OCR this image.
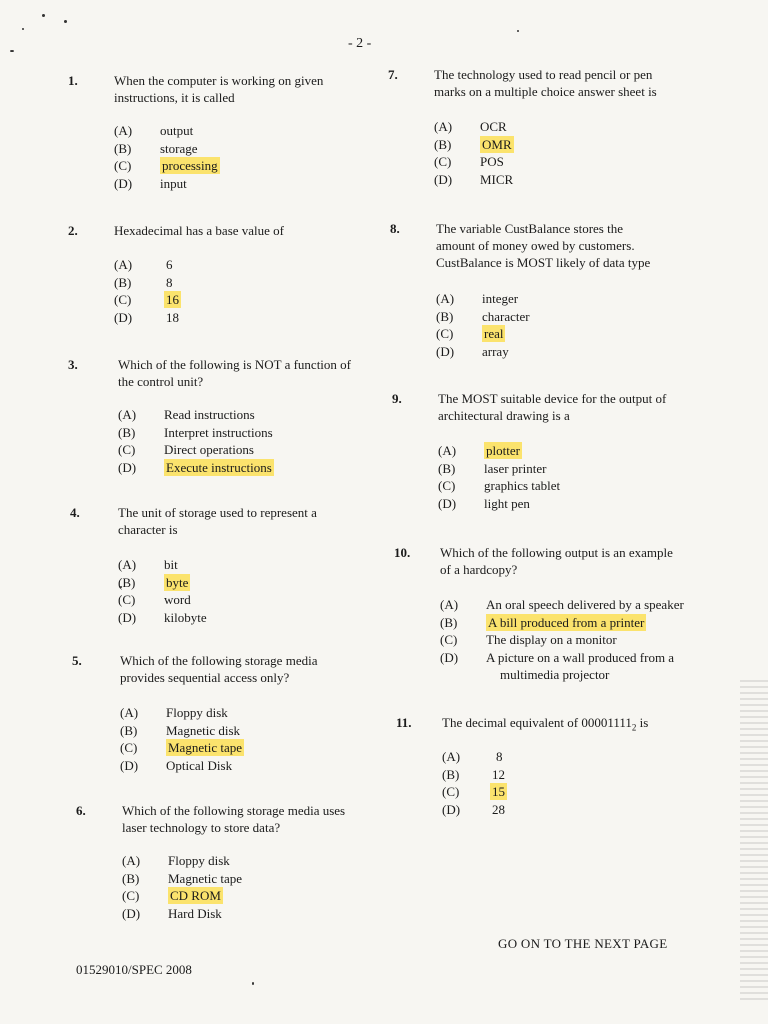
- 2 -
1.	When the computer is working on given
instructions, it is called
(A) output
(B) storage
(C) processing
(D) input
2.	Hexadecimal has a base value of
(A)	6
(B)	8
(C)	16
(D)	18
3.	Which of the following is NOT a function of
the control unit?
(A) Read instructions
(B) Interpret instructions
(C) Direct operations
(D) Execute instructions
4.	The unit of storage used to represent a
character is
(A) bit
(B) byte
(C) word
(D) kilobyte
5.	Which of the following storage media
provides sequential access only?
(A) Floppy disk
(B) Magnetic disk
(C) Magnetic tape
(D) Optical Disk
6.	Which of the following storage media uses
laser technology to store data?
(A) Floppy disk
(B) Magnetic tape
(C) CD ROM
(D) Hard Disk
7.	The technology used to read pencil or pen
marks on a multiple choice answer sheet is
(A) OCR
(B) OMR
(C) POS
(D) MICR
8.	The variable CustBalance stores the
amount of money owed by customers.
CustBalance is MOST likely of data type
(A) integer
(B) character
(C) real
(D) array
9.	The MOST suitable device for the output of
architectural drawing is a
(A) plotter
(B) laser printer
(C) graphics tablet
(D) light pen
10. Which of the following output is an example
of a hardcopy?
(A) An oral speech delivered by a speaker
(B) A bill produced from a printer
(C) The display on a monitor
(D) A picture on a wall produced from a
multimedia projector
11. The decimal equivalent of $00001111_2$ is
(A)	8
(B)	12
(C)	15
(D) 28
GO ON TO THE NEXT PAGE
01529010/SPEC 2008
